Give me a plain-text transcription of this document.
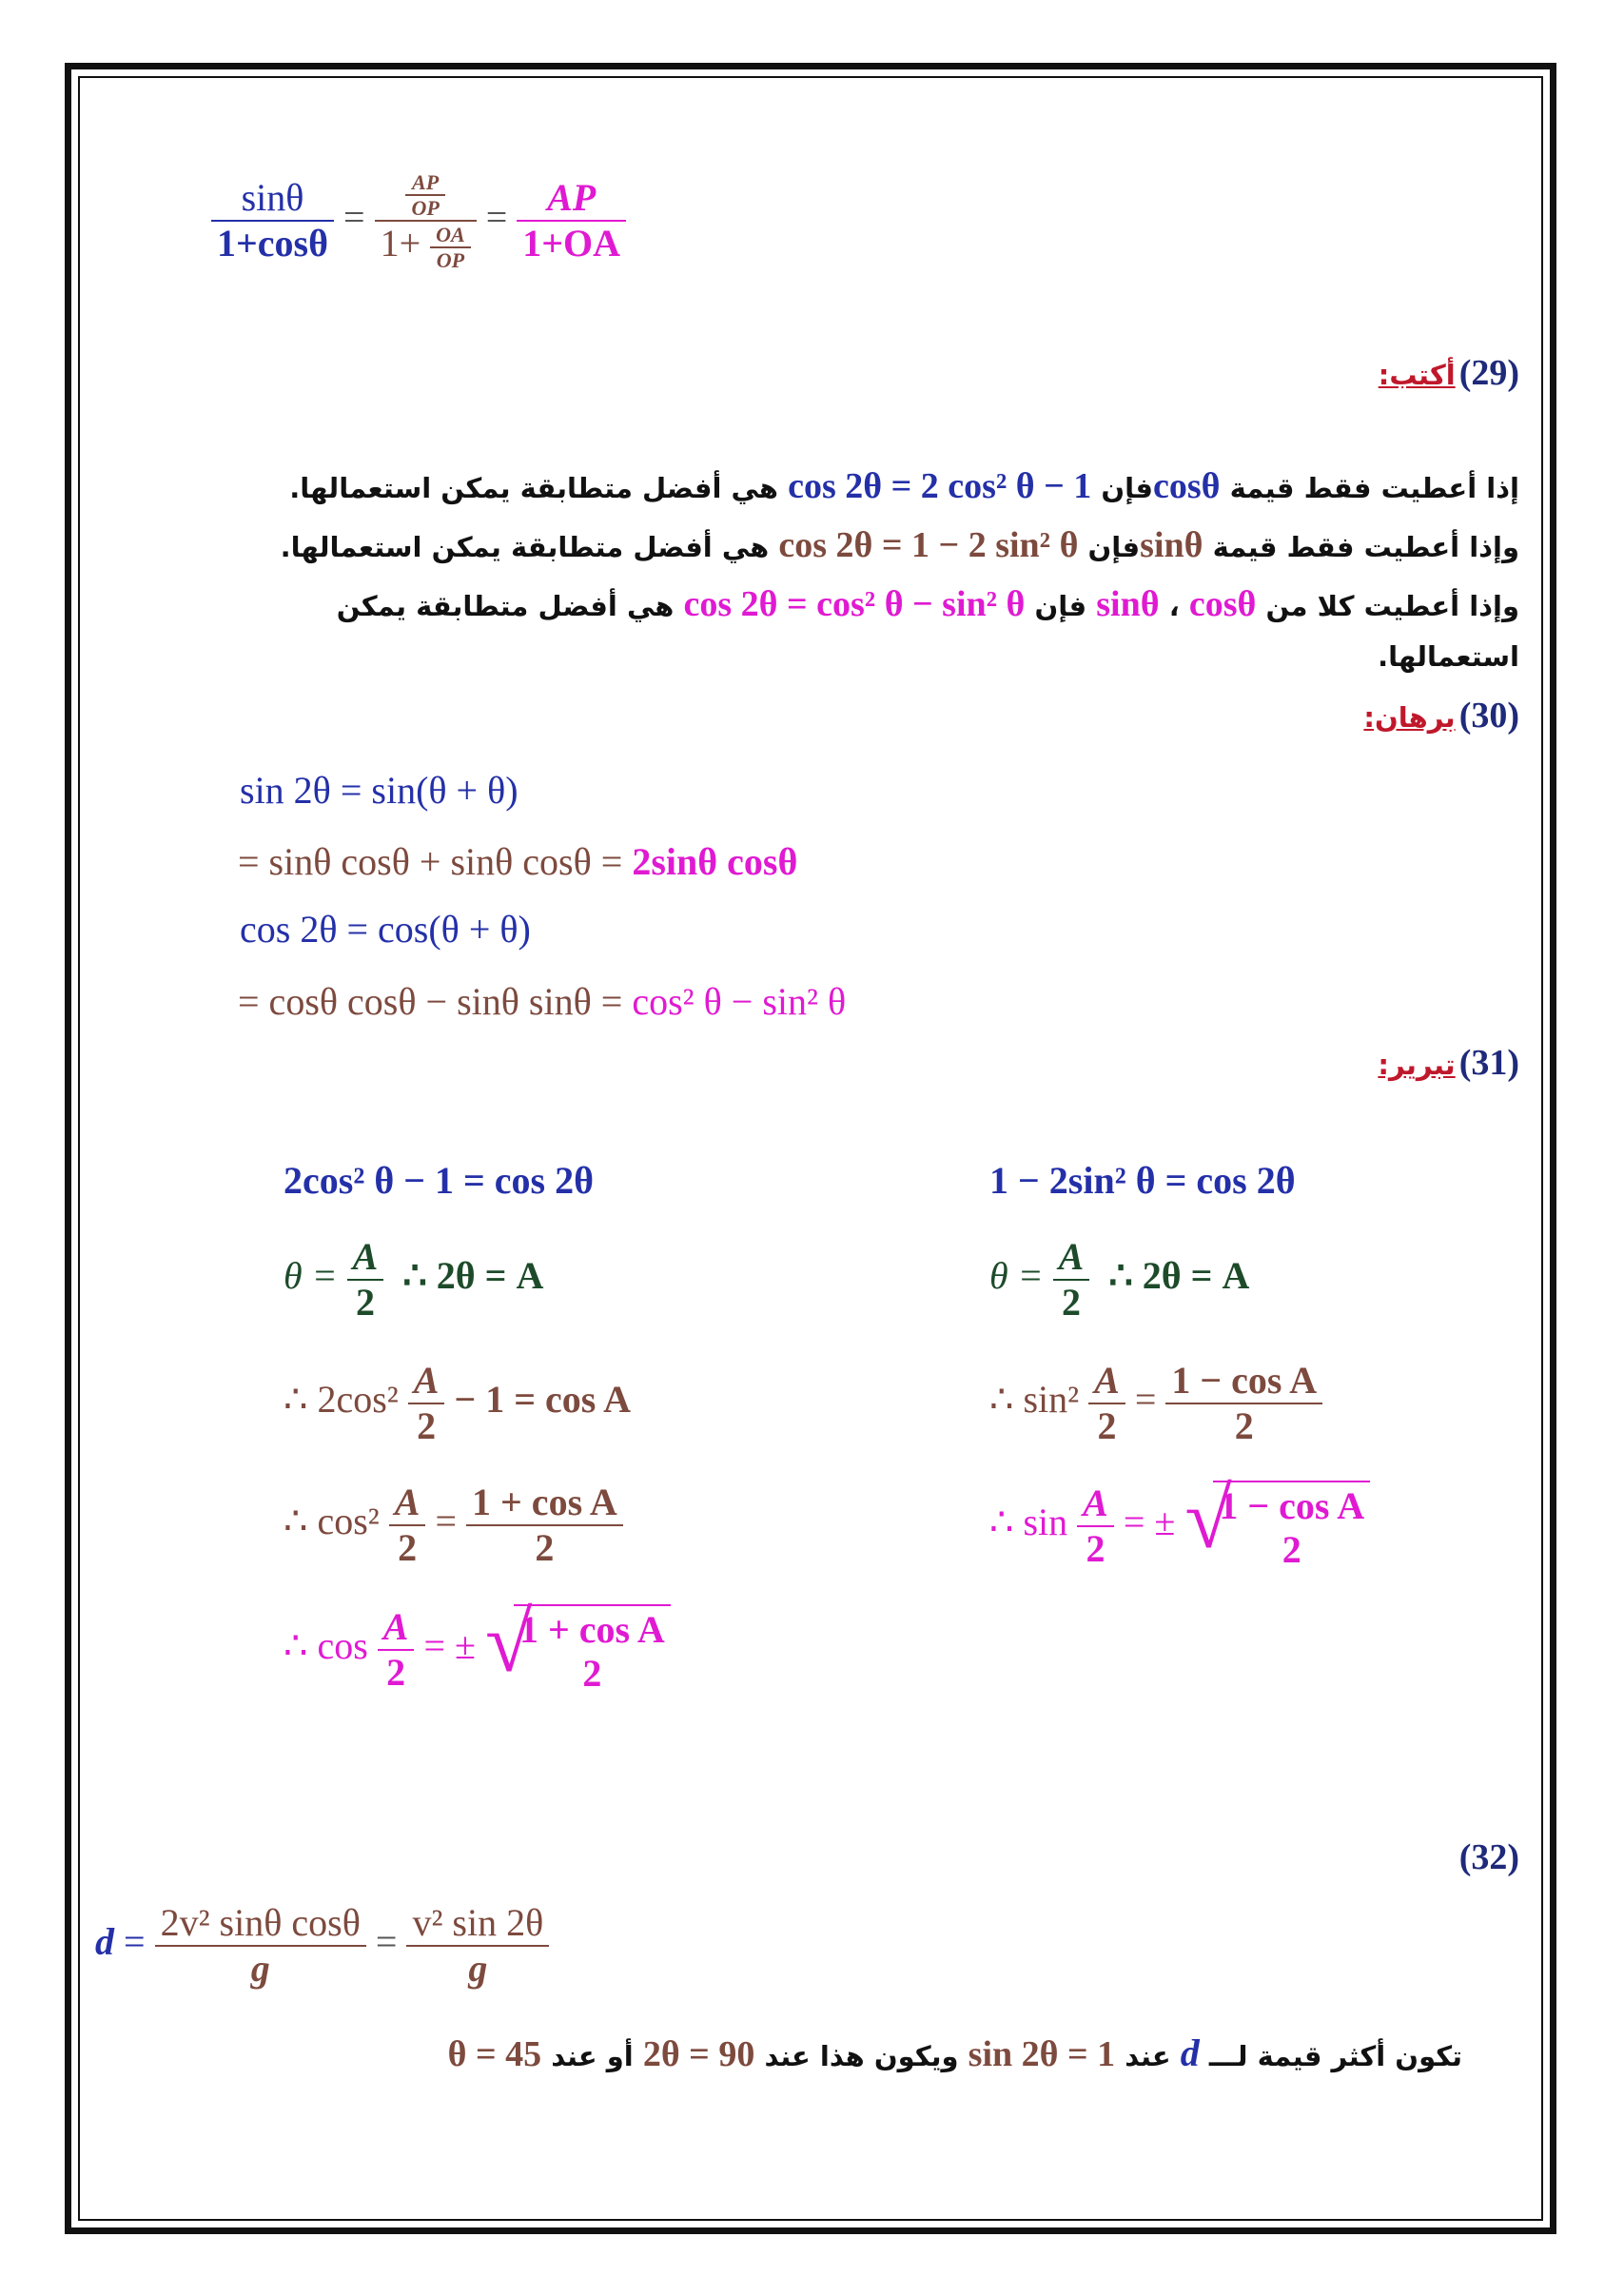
$\frac{\sin\theta}{1+\cos\theta} = \frac{\frac{AP}{OP}}{1+ \frac{OA}{OP}} = \frac{AP}{1+OA}$
(29) أكتب:
إذا أعطيت فقط قيمة cosθفإن cos 2θ = 2 cos² θ − 1 هي أفضل متطابقة يمكن استعمالها.
وإذا أعطيت فقط قيمة sinθفإن cos 2θ = 1 − 2 sin² θ هي أفضل متطابقة يمكن استعمالها.
وإذا أعطيت كلا من sinθ ، cosθ فإن cos 2θ = cos² θ − sin² θ هي أفضل متطابقة يمكن
استعمالها.
(30) برهان:
sin 2θ = sin(θ + θ)
= sinθ cosθ + sinθ cosθ = 2sinθ cosθ
cos 2θ = cos(θ + θ)
= cosθ cosθ − sinθ sinθ = cos² θ − sin² θ
(31) تبرير:
2cos² θ − 1 = cos 2θ
$\theta = \frac{A}{2}$ ∴ 2θ = A
∴ $2\cos^2 \frac{A}{2} - 1 = \cos A$
∴ $\cos^2 \frac{A}{2} = \frac{\text{1 + cos A}}{2}$
∴ $\cos \frac{A}{2}$ = ± √
1 + cos A
2
1 − 2sin² θ = cos 2θ
$\theta = \frac{A}{2}$ ∴ 2θ = A
∴ $\sin^2 \frac{A}{2} = \frac{\text{1 − cos A}}{2}$
∴ $\sin \frac{A}{2}$ = ± √
1 − cos A
2
(32)
$d = \frac{\text{2v² sinθ cosθ}}{g} = \frac{\text{v² sin 2θ}}{g}$
تكون أكثر قيمة لـــ d عند sin 2θ = 1 ويكون هذا عند 2θ = 90 أو عند θ = 45
